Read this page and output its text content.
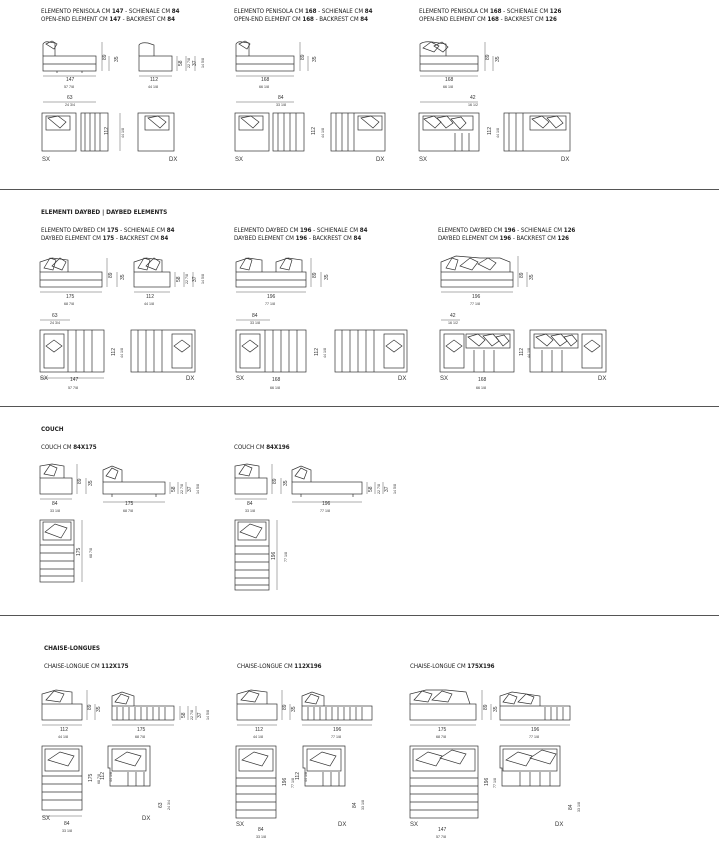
ELEMENTO PENISOLA CM 147 - SCHIENALE CM 84
OPEN-END ELEMENT CM 147 - BACKREST CM 84
ELEMENTO PENISOLA CM 168 - SCHIENALE CM 84
OPEN-END ELEMENT CM 168 - BACKREST CM 84
ELEMENTO PENISOLA CM 168 - SCHIENALE CM 126
OPEN-END ELEMENT CM 168 - BACKREST CM 126
147
57 7/8
89 35
112
44 1/8
58 22 7/8 37 14 5/8
63
24 3/4
112	44 1/8
SX	DX
168
66 1/8
89 35
84
33 1/8
112 44 1/8
SX	DX
168
66 1/8
89 35
42
16 1/2
112 44 1/8
SX	DX
ELEMENTI DAYBED | DAYBED ELEMENTS
ELEMENTO DAYBED CM 175 - SCHIENALE CM 84
DAYBED ELEMENT CM 175 - BACKREST CM 84
ELEMENTO DAYBED CM 196 - SCHIENALE CM 84
DAYBED ELEMENT CM 196 - BACKREST CM 84
ELEMENTO DAYBED CM 196 - SCHIENALE CM 126
DAYBED ELEMENT CM 196 - BACKREST CM 126
175
68 7/8
89 35
112
44 1/8
58 22 7/8 37 14 5/8
63
24 3/4
112 44 1/8
SX	DX
147
57 7/8
196
77 1/8
89 35
84
33 1/8
112 44 1/8
SX	DX
168
66 1/8
196
77 1/8
89 35
42
16 1/2
112 44 1/8
SX	DX
168
66 1/8
COUCH
COUCH CM 84X175	COUCH CM 84X196
89 35
84
33 1/8
175
68 7/8
58 22 7/8 37 14 5/8
175 68 7/8
89 35
84
33 1/8
196
77 1/8
58 22 7/8 37 14 5/8
196 77 1/8
CHAISE-LONGUES
CHAISE-LONGUE CM 112X175	CHAISE-LONGUE CM 112X196	CHAISE-LONGUE CM 175X196
112
44 1/8
89 35
175
68 7/8
58 22 7/8 37 14 5/8
175 68 7/8 112 44 1/8
63 24 3/4
SX	DX
84
33 1/8
112
44 1/8
89 35
196
77 1/8
196 77 1/8
112 44 1/8
84 33 1/8
SX	DX
84
33 1/8
175
68 7/8
89 35
196
77 1/8
196 77 1/8
84 33 1/8
SX	DX
147
57 7/8
